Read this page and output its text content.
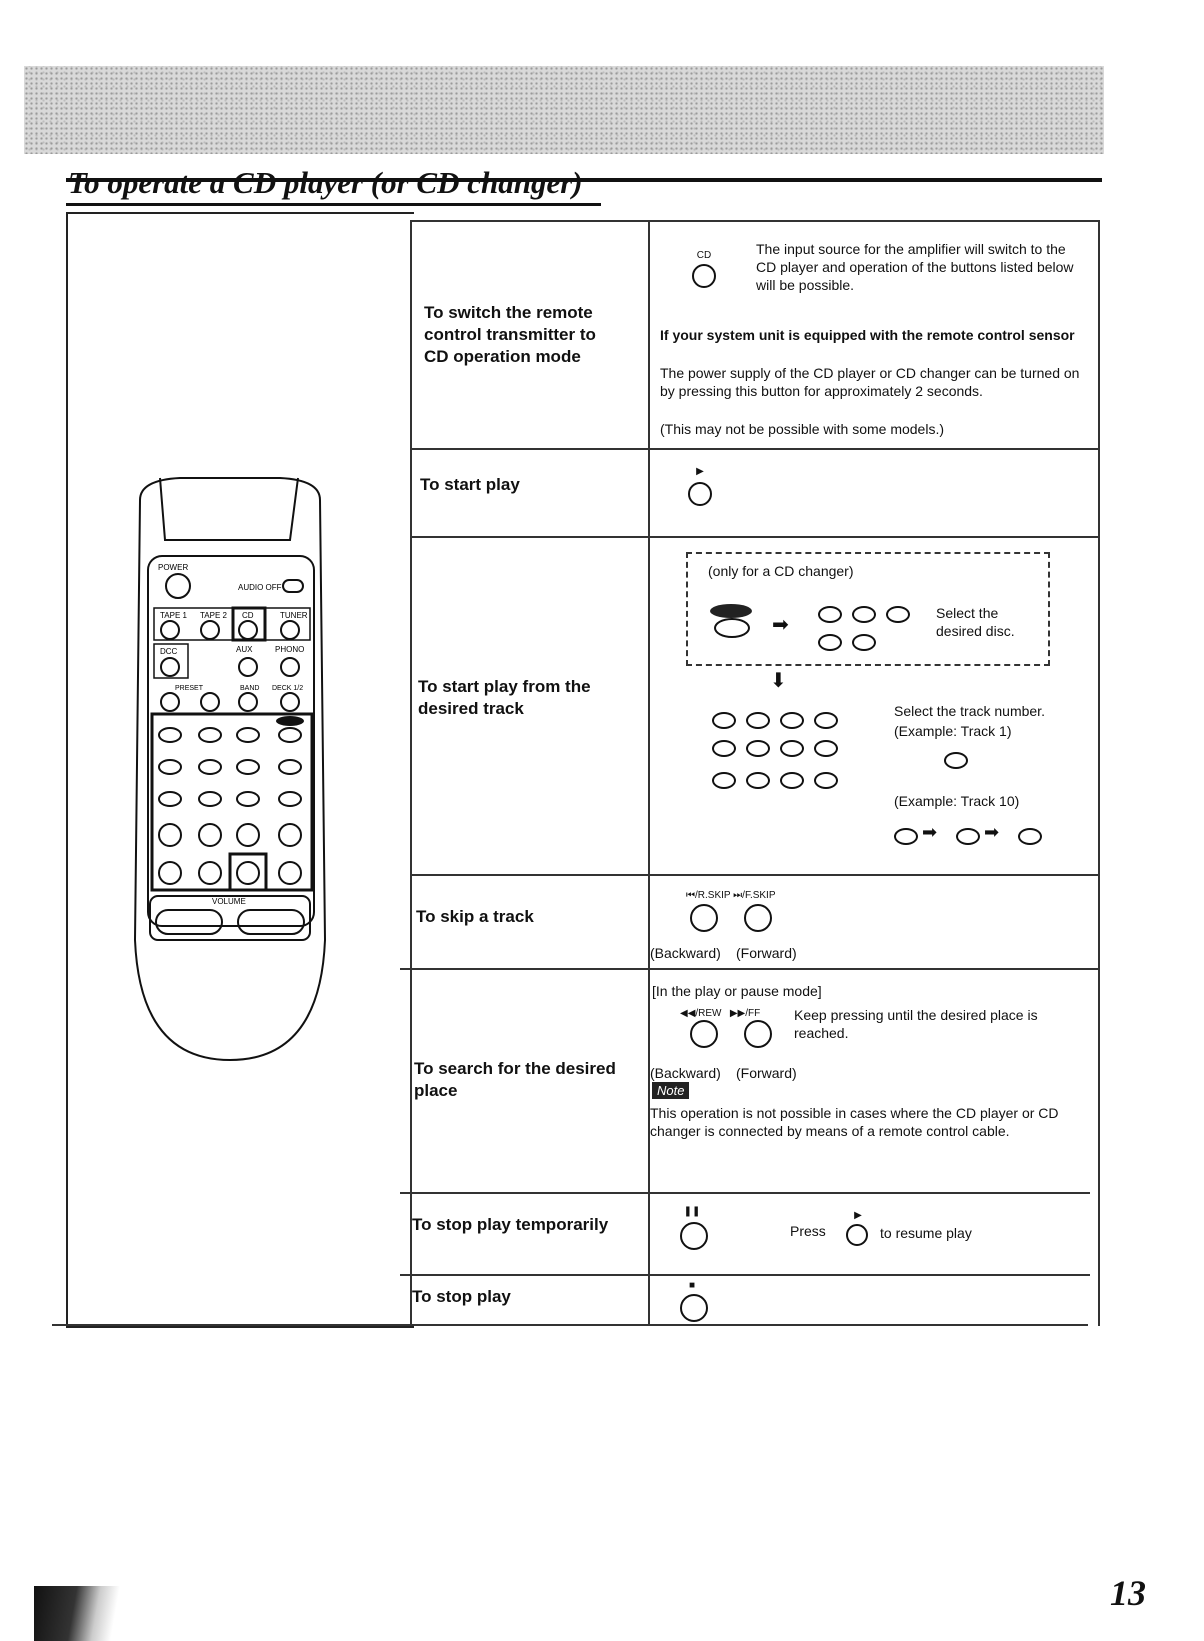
To operate a CD player (or CD changer)
POWER
AUDIO OFF
TAPE 1 TAPE 2 CD	TUNER
DCC	AUX	PHONO
PRESET	BAND DECK 1/2
VOLUME
To switch the remote control transmitter to CD operation mode
CD	The input source for the amplifier will switch to the CD player and operation of the buttons listed below will be possible.
If your system unit is equipped with the remote control sensor
The power supply of the CD player or CD changer can be turned on by pressing this button for approximately 2 seconds.
(This may not be possible with some models.)
To start play
▶
To start play from the desired track
(only for a CD changer)
➡
Select the desired disc.
⬇
Select the track number.
(Example: Track 1)
(Example: Track 10)
➡	➡
To skip a track
⏮/R.SKIP ⏭/F.SKIP
(Backward) (Forward)
To search for the desired place
[In the play or pause mode]
◀◀/REW   ▶▶/FF	Keep pressing until the desired place is reached.
(Backward) (Forward)
Note
This operation is not possible in cases where the CD player or CD changer is connected by means of a remote control cable.
To stop play temporarily
❚❚
Press
▶
to resume play
To stop play
■
13
